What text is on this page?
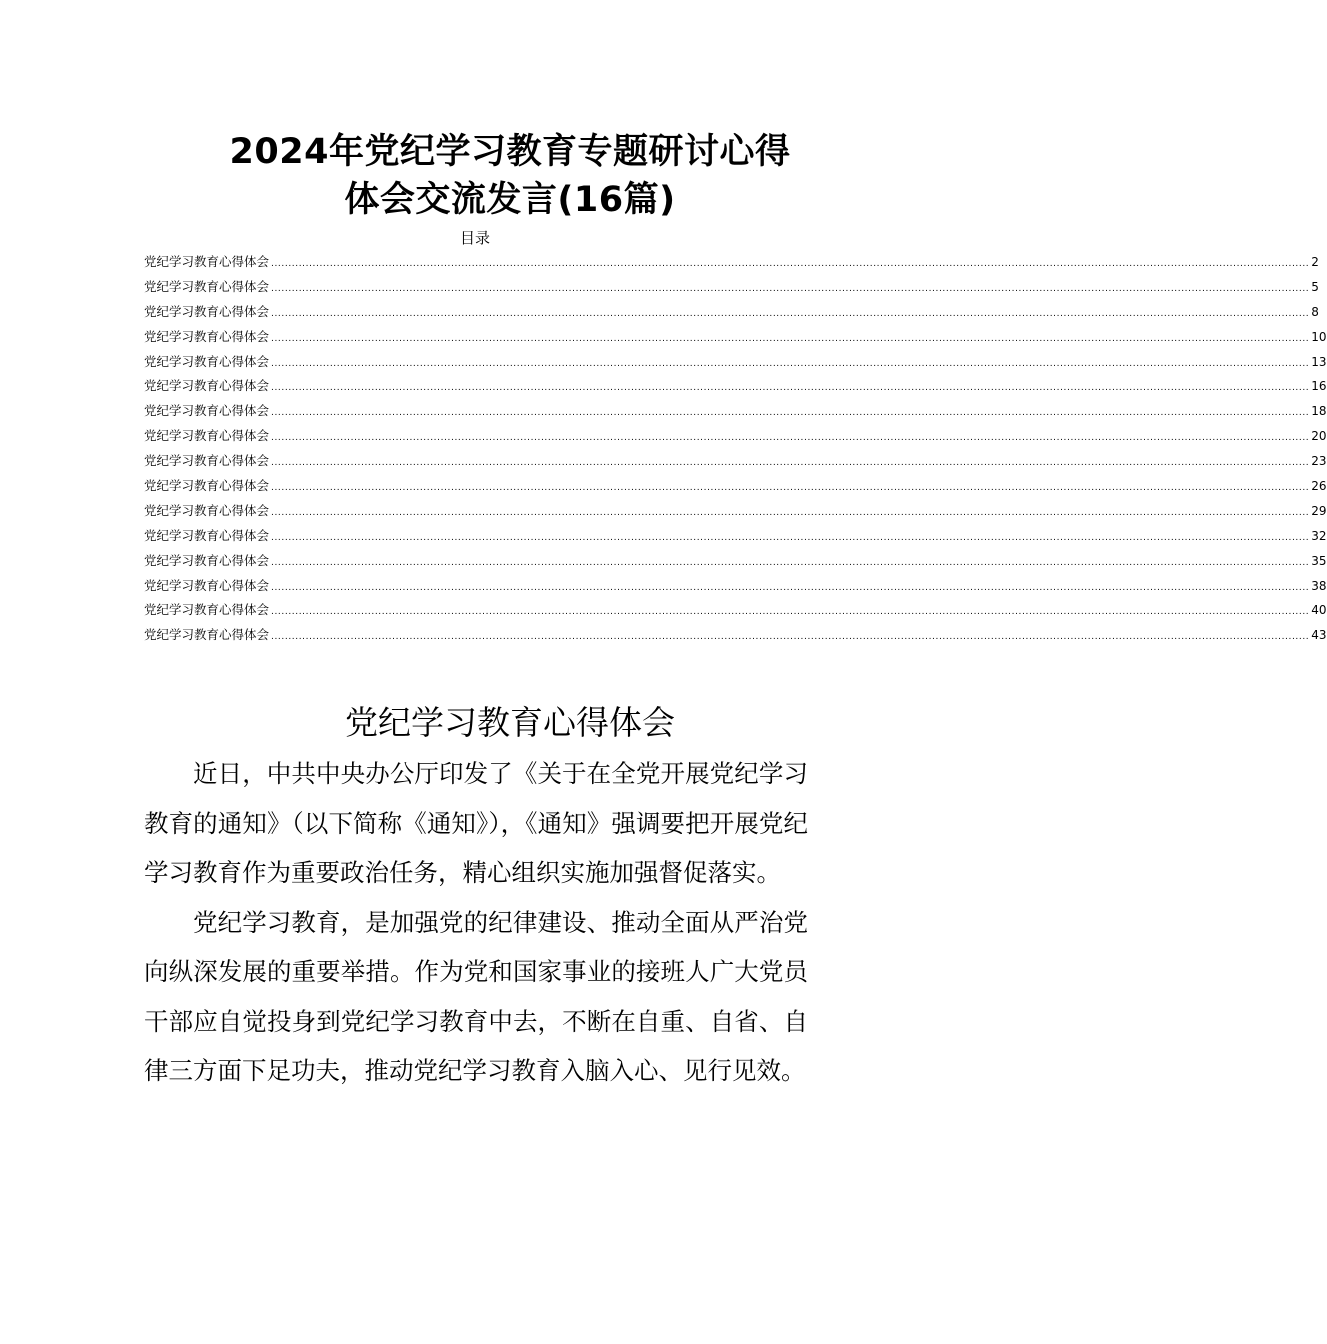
2024年党纪学习教育专题研讨心得
体会交流发言(16篇)
目录
党纪学习教育心得体会 ............................................................................................................................................................................................................................................................................................................ 2
党纪学习教育心得体会 ............................................................................................................................................................................................................................................................................................................ 5
党纪学习教育心得体会 ............................................................................................................................................................................................................................................................................................................ 8
党纪学习教育心得体会 ............................................................................................................................................................................................................................................................................................................ 10
党纪学习教育心得体会 ............................................................................................................................................................................................................................................................................................................ 13
党纪学习教育心得体会 ............................................................................................................................................................................................................................................................................................................ 16
党纪学习教育心得体会 ............................................................................................................................................................................................................................................................................................................ 18
党纪学习教育心得体会 ............................................................................................................................................................................................................................................................................................................ 20
党纪学习教育心得体会 ............................................................................................................................................................................................................................................................................................................ 23
党纪学习教育心得体会 ............................................................................................................................................................................................................................................................................................................ 26
党纪学习教育心得体会 ............................................................................................................................................................................................................................................................................................................ 29
党纪学习教育心得体会 ............................................................................................................................................................................................................................................................................................................ 32
党纪学习教育心得体会 ............................................................................................................................................................................................................................................................................................................ 35
党纪学习教育心得体会 ............................................................................................................................................................................................................................................................................................................ 38
党纪学习教育心得体会 ............................................................................................................................................................................................................................................................................................................ 40
党纪学习教育心得体会 ............................................................................................................................................................................................................................................................................................................ 43
党纪学习教育心得体会

近日，中共中央办公厅印发了《关于在全党开展党纪学习教育的通知》（以下简称《通知》），《通知》强调要把开展党纪学习教育作为重要政治任务，精心组织实施加强督促落实。

党纪学习教育，是加强党的纪律建设、推动全面从严治党向纵深发展的重要举措。作为党和国家事业的接班人广大党员干部应自觉投身到党纪学习教育中去，不断在自重、自省、自律三方面下足功夫，推动党纪学习教育入脑入心、见行见效。
